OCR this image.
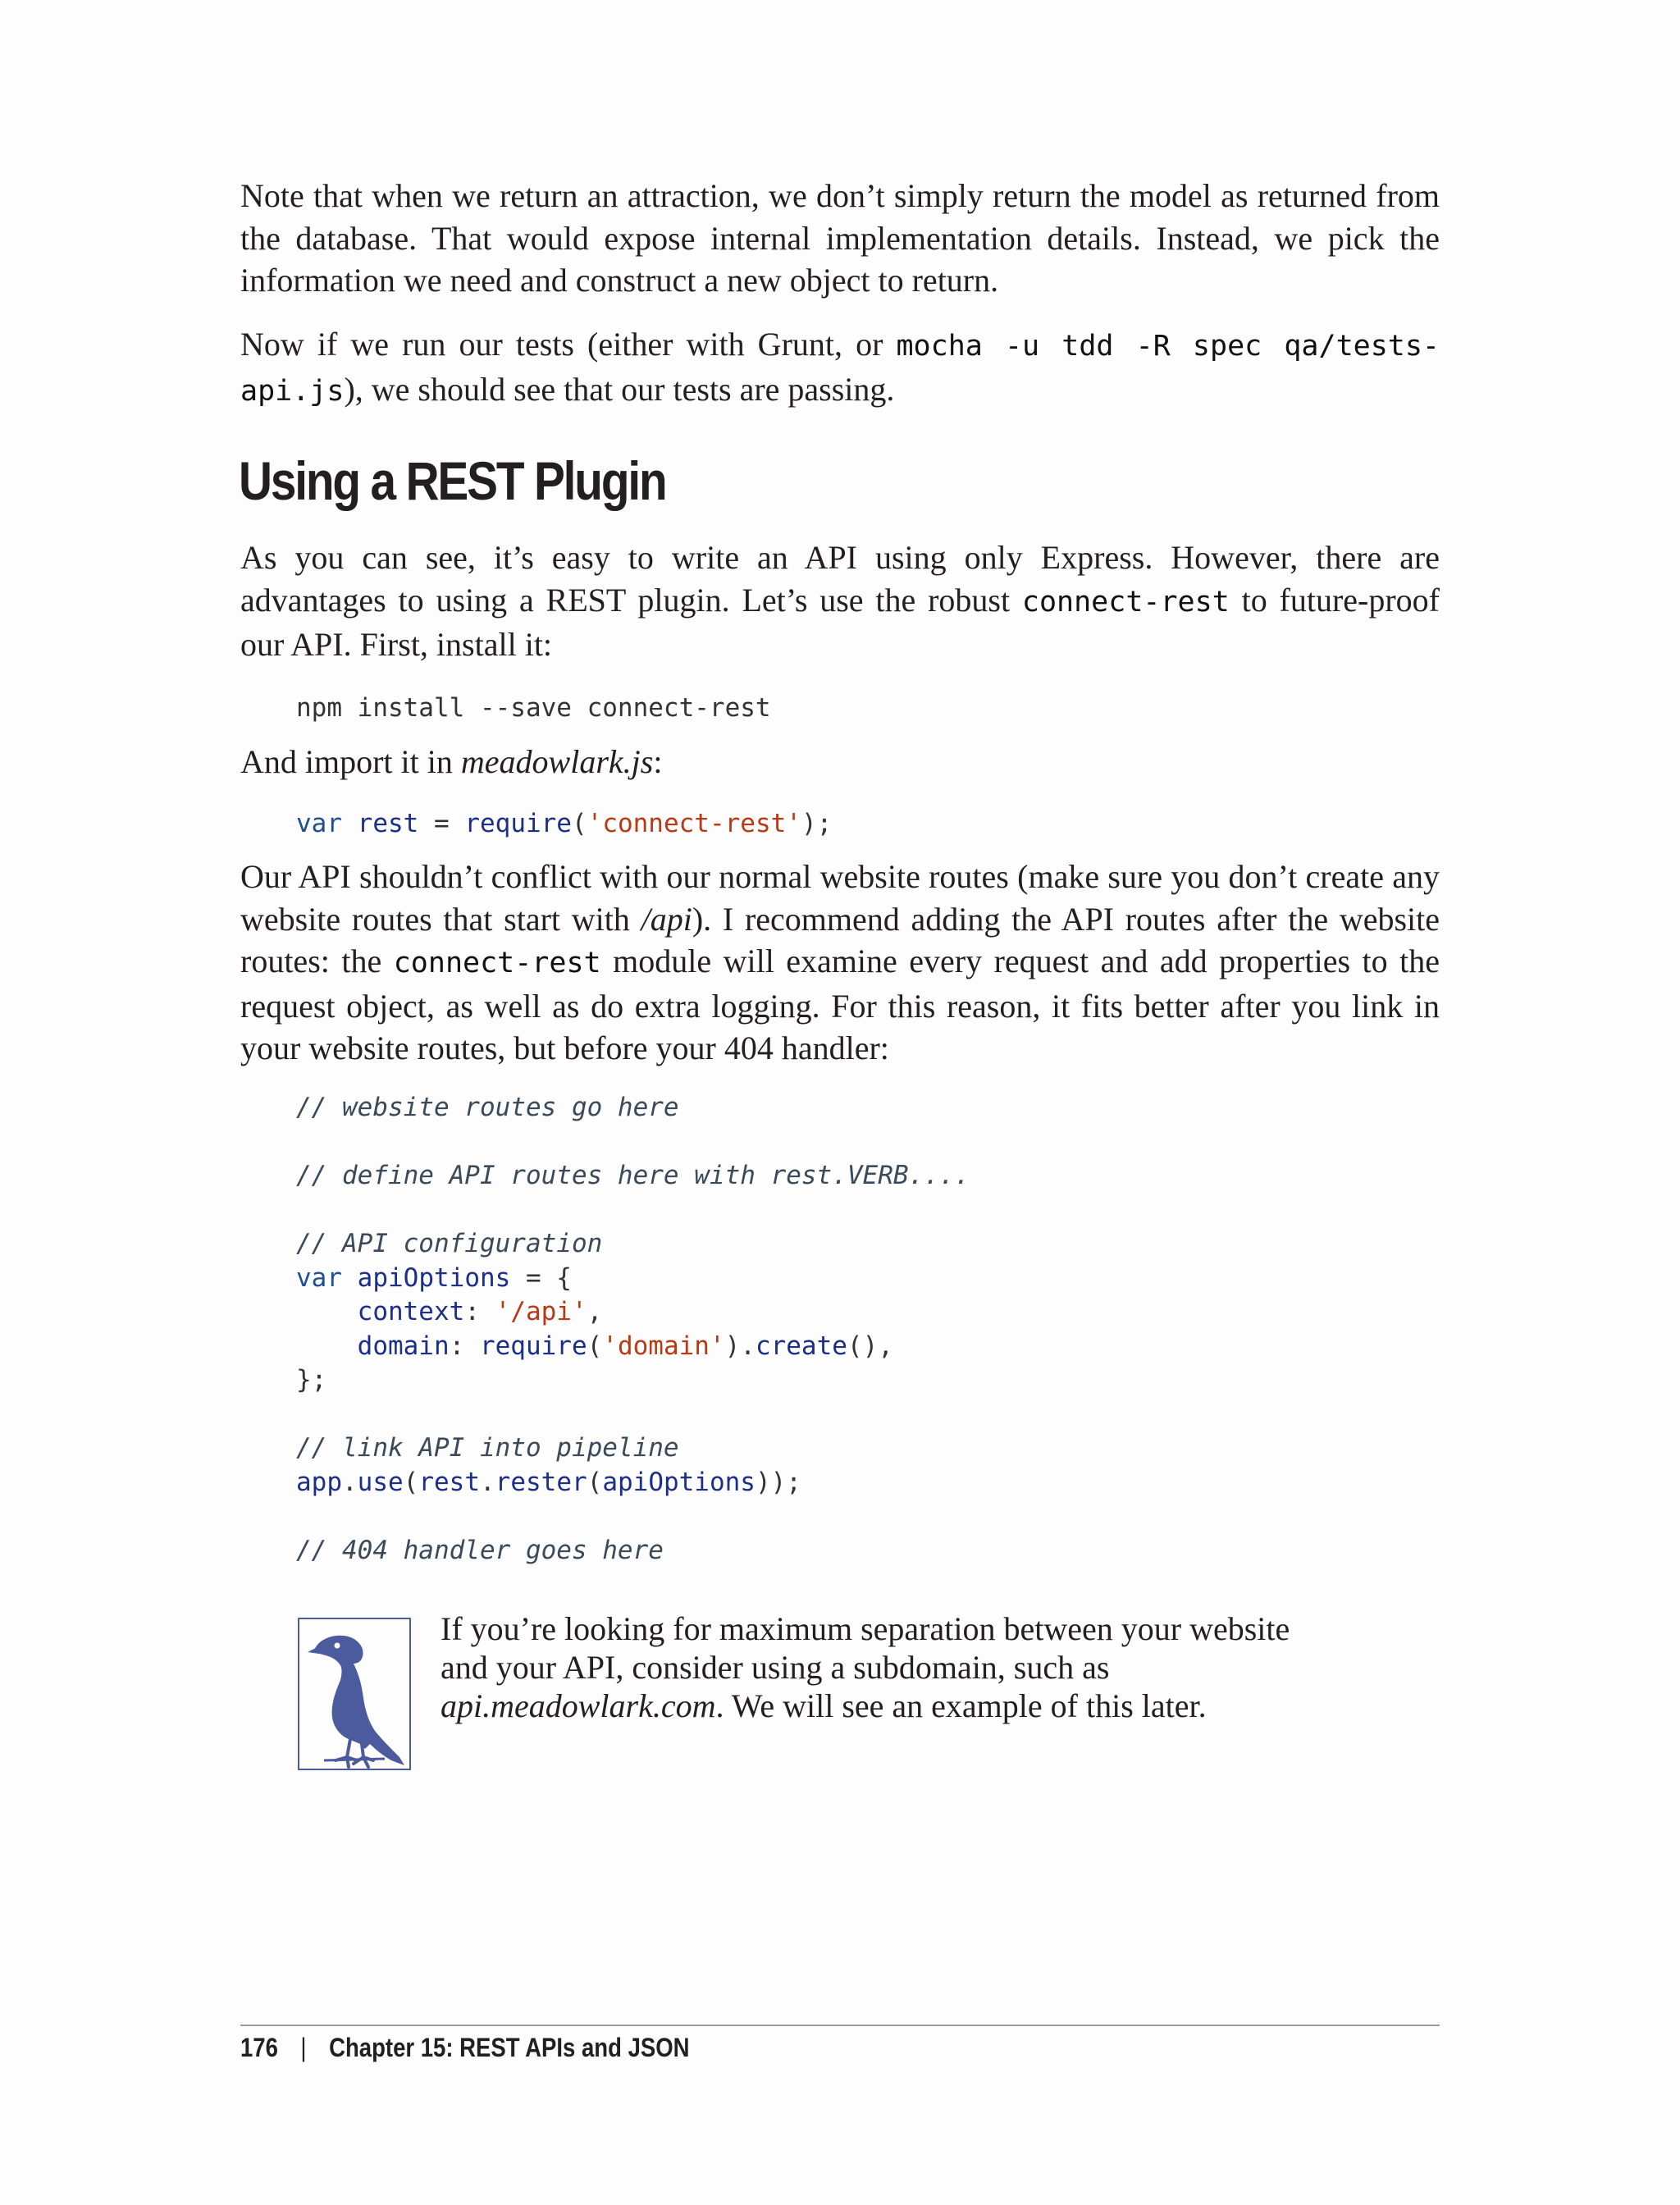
Note that when we return an attraction, we don’t simply return the model as returned from the database. That would expose internal implementation details. Instead, we pick the information we need and construct a new object to return.

Now if we run our tests (either with Grunt, or mocha -u tdd -R spec qa/tests-api.js), we should see that our tests are passing.

Using a REST Plugin

As you can see, it’s easy to write an API using only Express. However, there are advantages to using a REST plugin. Let’s use the robust connect-rest to future-proof our API. First, install it:

npm install --save connect-rest

And import it in meadowlark.js:

var rest = require('connect-rest');

Our API shouldn’t conflict with our normal website routes (make sure you don’t create any website routes that start with /api). I recommend adding the API routes after the website routes: the connect-rest module will examine every request and add properties to the request object, as well as do extra logging. For this reason, it fits better after you link in your website routes, but before your 404 handler:

// website routes go here

// define API routes here with rest.VERB....

// API configuration
var apiOptions = {
context: '/api',
domain: require('domain').create(),
};

// link API into pipeline
app.use(rest.rester(apiOptions));

// 404 handler goes here

If you’re looking for maximum separation between your website and your API, consider using a subdomain, such as api.meadowlark.com. We will see an example of this later.

176 | Chapter 15: REST APIs and JSON
